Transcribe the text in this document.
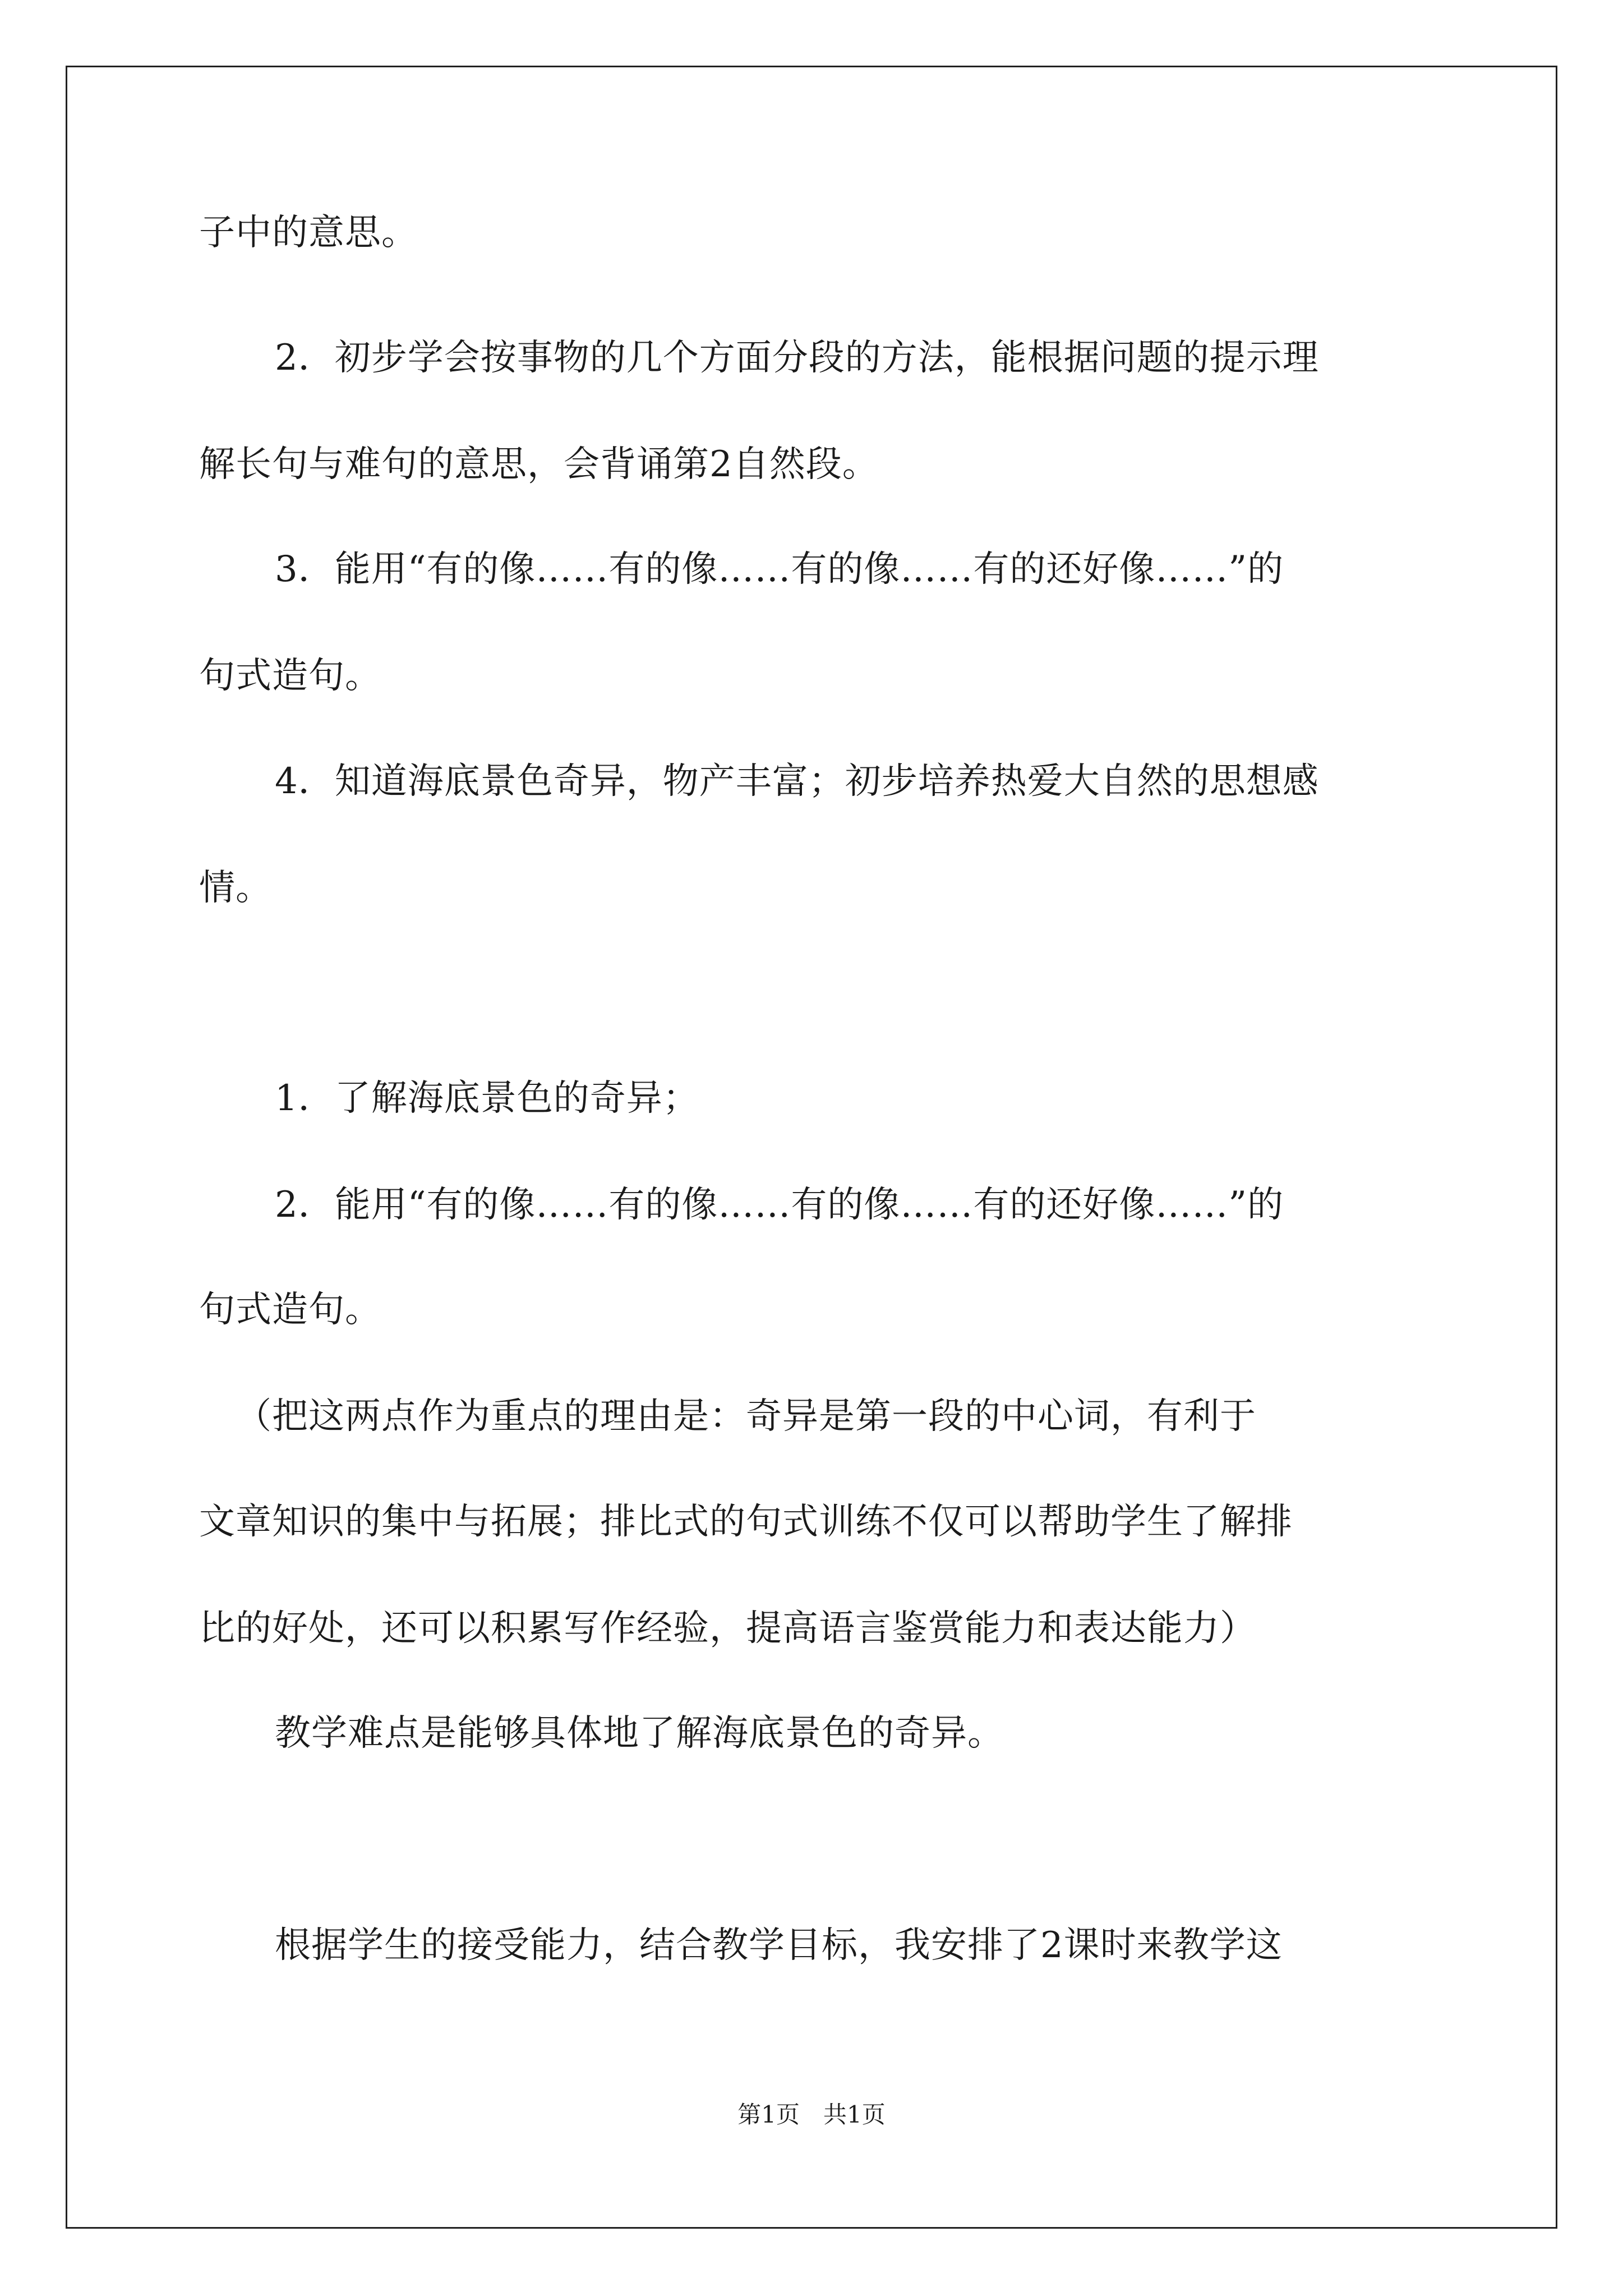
子中的意思。
2．初步学会按事物的几个方面分段的方法，能根据问题的提示理
解长句与难句的意思，会背诵第2自然段。
3．能用“有的像……有的像……有的像……有的还好像……”的
句式造句。
4．知道海底景色奇异，物产丰富；初步培养热爱大自然的思想感
情。
1．了解海底景色的奇异；
2．能用“有的像……有的像……有的像……有的还好像……”的
句式造句。
（把这两点作为重点的理由是：奇异是第一段的中心词，有利于
文章知识的集中与拓展；排比式的句式训练不仅可以帮助学生了解排
比的好处，还可以积累写作经验，提高语言鉴赏能力和表达能力）
教学难点是能够具体地了解海底景色的奇异。
根据学生的接受能力，结合教学目标，我安排了2课时来教学这
第1页　共1页
